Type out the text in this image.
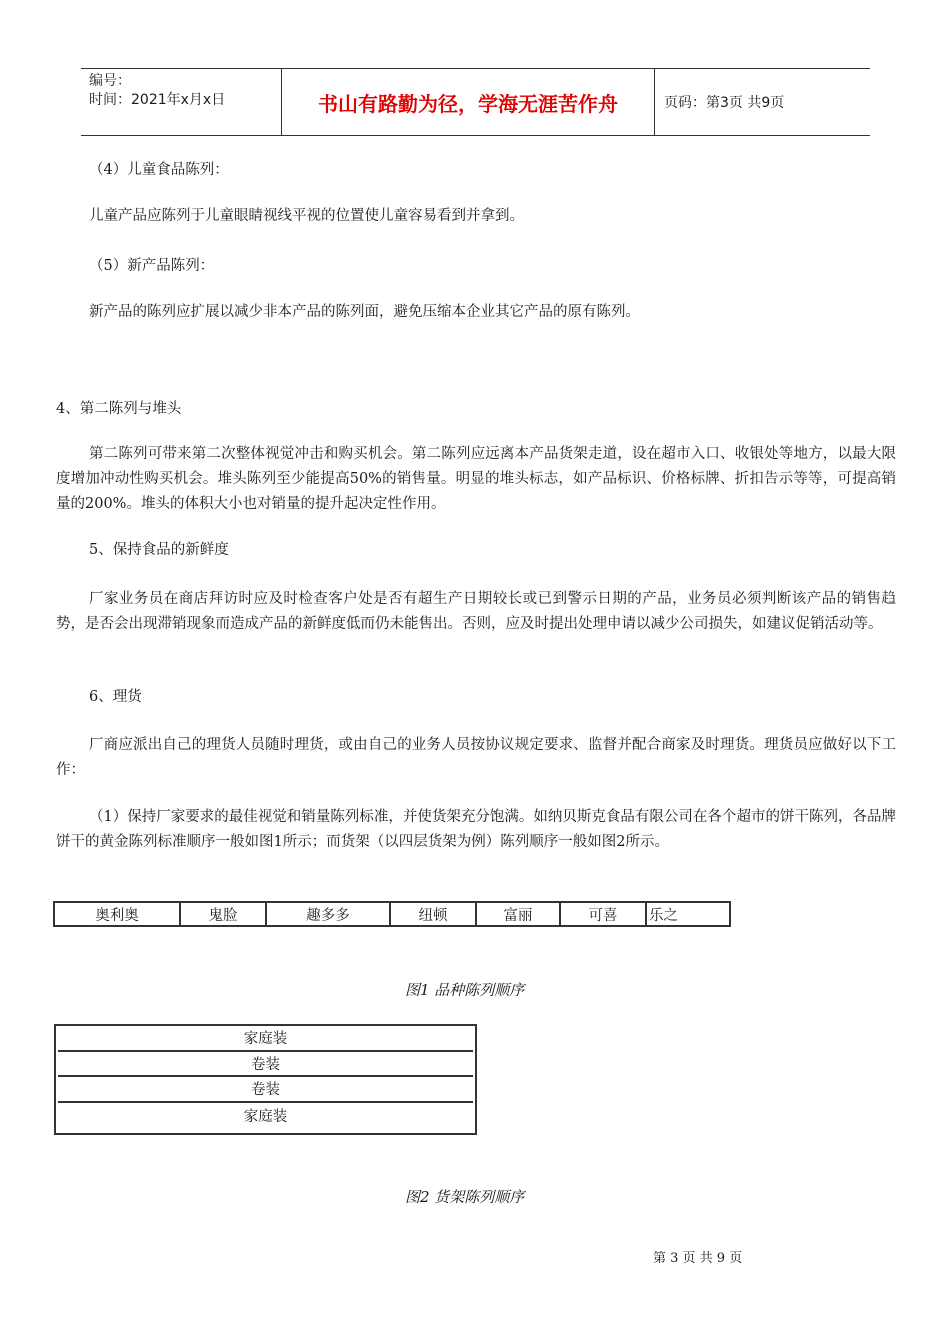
编号：
时间：2021年x月x日	书山有路勤为径，学海无涯苦作舟	页码：第3页 共9页
（4）儿童食品陈列：
儿童产品应陈列于儿童眼睛视线平视的位置使儿童容易看到并拿到。
（5）新产品陈列：
新产品的陈列应扩展以减少非本产品的陈列面，避免压缩本企业其它产品的原有陈列。
4、第二陈列与堆头
第二陈列可带来第二次整体视觉冲击和购买机会。第二陈列应远离本产品货架走道，设在超市入口、收银处等地方，以最大限度增加冲动性购买机会。堆头陈列至少能提高50%的销售量。明显的堆头标志，如产品标识、价格标牌、折扣告示等等，可提高销量的200%。堆头的体积大小也对销量的提升起决定性作用。
5、保持食品的新鲜度
厂家业务员在商店拜访时应及时检查客户处是否有超生产日期较长或已到警示日期的产品，业务员必须判断该产品的销售趋势，是否会出现滞销现象而造成产品的新鲜度低而仍未能售出。否则，应及时提出处理申请以减少公司损失，如建议促销活动等。
6、理货
厂商应派出自己的理货人员随时理货，或由自己的业务人员按协议规定要求、监督并配合商家及时理货。理货员应做好以下工作：
（1）保持厂家要求的最佳视觉和销量陈列标准，并使货架充分饱满。如纳贝斯克食品有限公司在各个超市的饼干陈列，各品牌饼干的黄金陈列标准顺序一般如图1所示；而货架（以四层货架为例）陈列顺序一般如图2所示。
奥利奥	鬼脸	趣多多	纽顿	富丽	可喜	乐之
图1 品种陈列顺序
家庭装
卷装
卷装
家庭装
图2 货架陈列顺序
第 3 页 共 9 页
